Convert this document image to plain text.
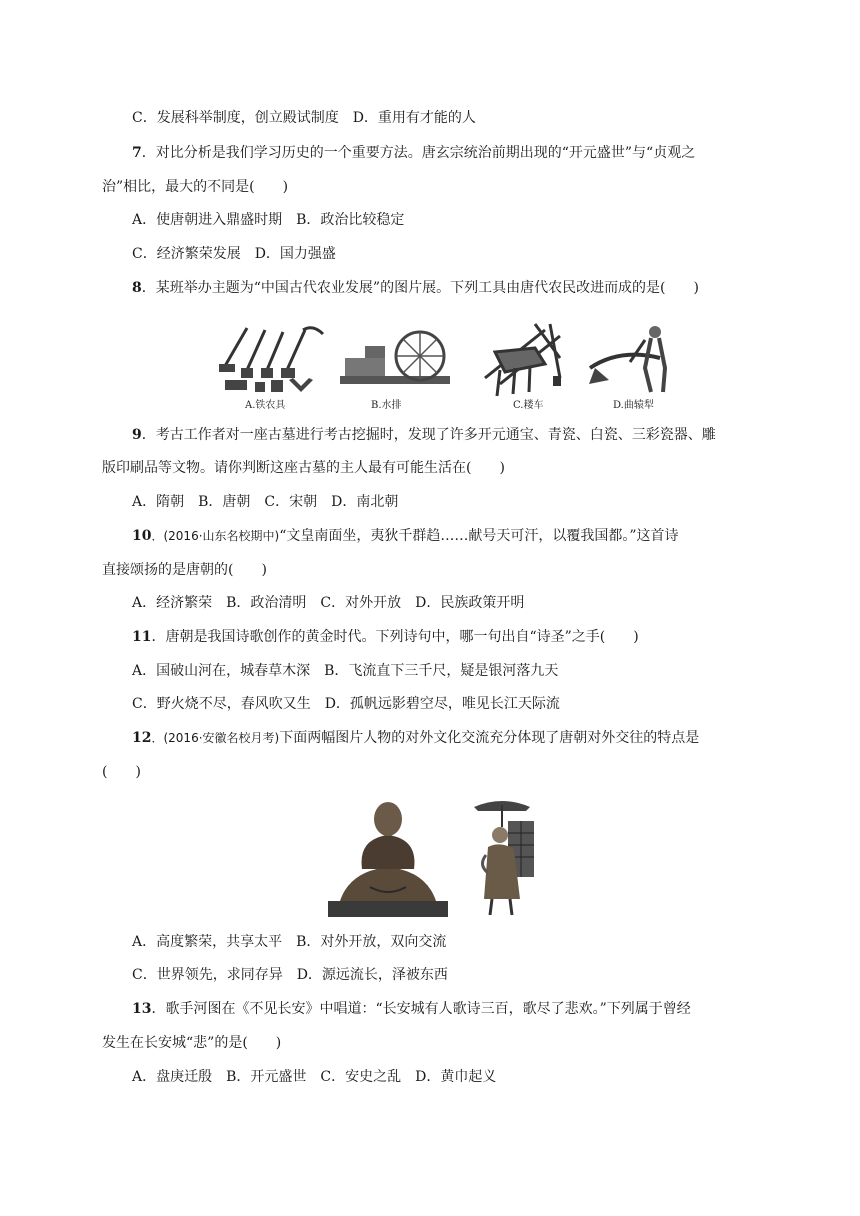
C．发展科举制度，创立殿试制度　D．重用有才能的人
7．对比分析是我们学习历史的一个重要方法。唐玄宗统治前期出现的“开元盛世”与“贞观之
治”相比，最大的不同是(　　)
A．使唐朝进入鼎盛时期　B．政治比较稳定
C．经济繁荣发展　D．国力强盛
8．某班举办主题为“中国古代农业发展”的图片展。下列工具由唐代农民改进而成的是(　　)
A.铁农具	B.水排	C.耧车	D.曲辕犁
9．考古工作者对一座古墓进行考古挖掘时，发现了许多开元通宝、青瓷、白瓷、三彩瓷器、雕
版印刷品等文物。请你判断这座古墓的主人最有可能生活在(　　)
A．隋朝　B．唐朝　C．宋朝　D．南北朝
10．(2016·山东名校期中)“文皇南面坐，夷狄千群趋……献号天可汗，以覆我国都。”这首诗
直接颂扬的是唐朝的(　　)
A．经济繁荣　B．政治清明　C．对外开放　D．民族政策开明
11．唐朝是我国诗歌创作的黄金时代。下列诗句中，哪一句出自“诗圣”之手(　　)
A．国破山河在，城春草木深　B．飞流直下三千尺，疑是银河落九天
C．野火烧不尽，春风吹又生　D．孤帆远影碧空尽，唯见长江天际流
12．(2016·安徽名校月考)下面两幅图片人物的对外文化交流充分体现了唐朝对外交往的特点是
(　　)
A．高度繁荣，共享太平　B．对外开放，双向交流
C．世界领先，求同存异　D．源远流长，泽被东西
13．歌手河图在《不见长安》中唱道：“长安城有人歌诗三百，歌尽了悲欢。”下列属于曾经
发生在长安城“悲”的是(　　)
A．盘庚迁殷　B．开元盛世　C．安史之乱　D．黄巾起义
